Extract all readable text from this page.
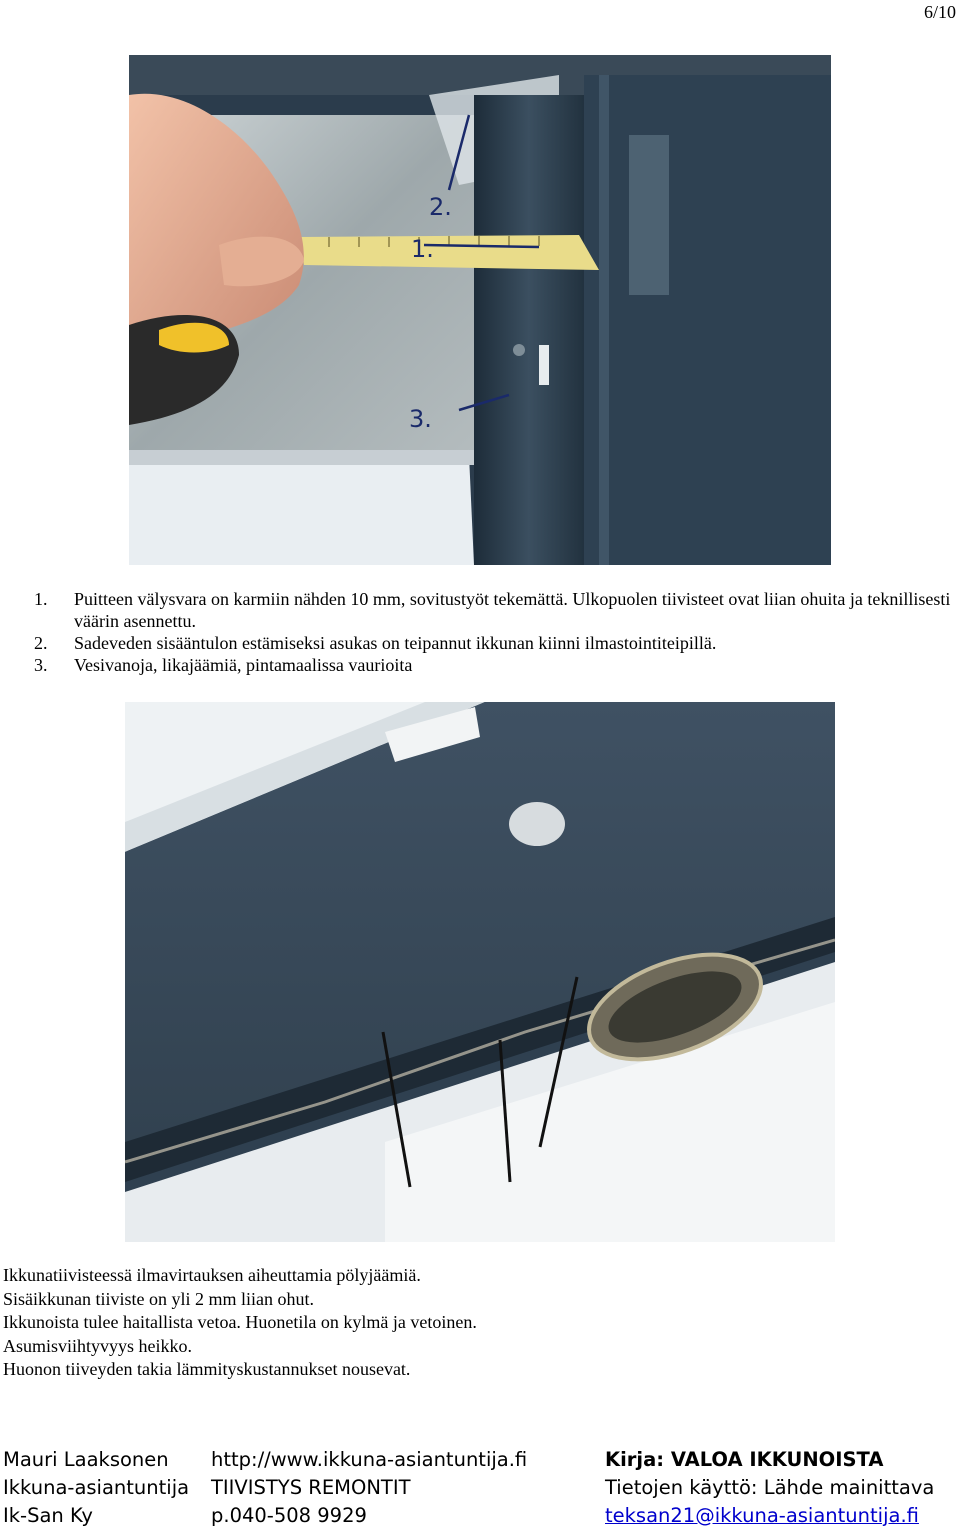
6/10
1.
2.
3.
1. Puitteen välysvara on karmiin nähden 10 mm, sovitustyöt tekemättä. Ulkopuolen tiivisteet ovat liian ohuita ja teknillisesti väärin asennettu.
2. Sadeveden sisääntulon estämiseksi asukas on teipannut ikkunan kiinni ilmastointiteipillä.
3. Vesivanoja, likajäämiä, pintamaalissa vaurioita
Ikkunatiivisteessä ilmavirtauksen aiheuttamia pölyjäämiä.
Sisäikkunan tiiviste on yli 2 mm liian ohut.
Ikkunoista tulee haitallista vetoa. Huonetila on kylmä ja vetoinen.
Asumisviihtyvyys heikko.
Huonon tiiveyden takia lämmityskustannukset nousevat.
Mauri Laaksonen
Ikkuna-asiantuntija
Ik-San Ky
http://www.ikkuna-asiantuntija.fi
TIIVISTYS REMONTIT
p.040-508 9929
Kirja: VALOA IKKUNOISTA
Tietojen käyttö: Lähde mainittava
teksan21@ikkuna-asiantuntija.fi
